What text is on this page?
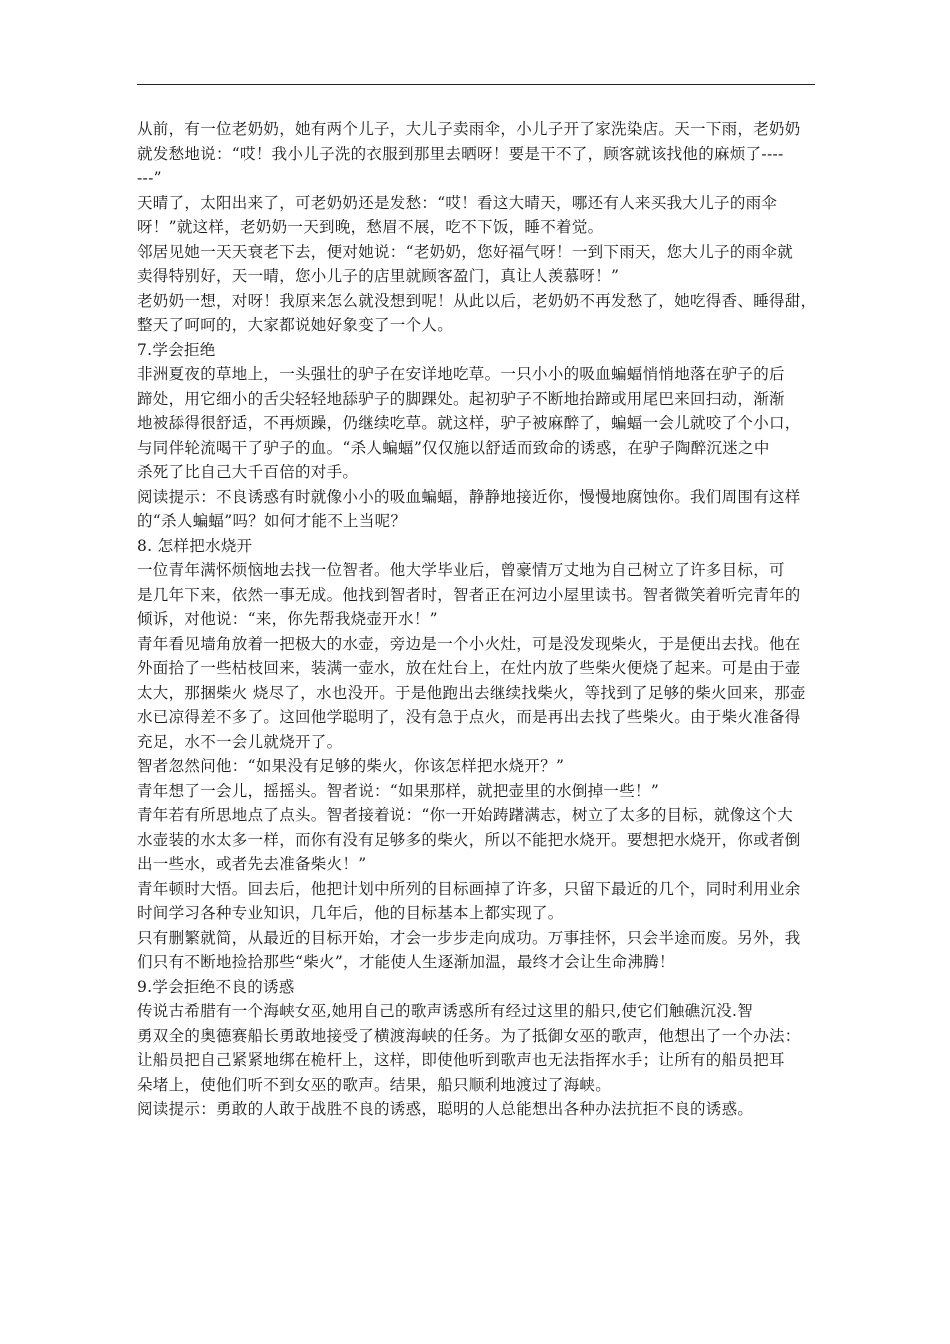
从前，有一位老奶奶，她有两个儿子，大儿子卖雨伞，小儿子开了家洗染店。天一下雨，老奶奶
就发愁地说：“哎！我小儿子洗的衣服到那里去晒呀！要是干不了，顾客就该找他的麻烦了----
---”
天晴了，太阳出来了，可老奶奶还是发愁：“哎！看这大晴天，哪还有人来买我大儿子的雨伞
呀！”就这样，老奶奶一天到晚，愁眉不展，吃不下饭，睡不着觉。
邻居见她一天天衰老下去，便对她说：“老奶奶，您好福气呀！一到下雨天，您大儿子的雨伞就
卖得特别好，天一晴，您小儿子的店里就顾客盈门，真让人羡慕呀！”
老奶奶一想，对呀！我原来怎么就没想到呢！从此以后，老奶奶不再发愁了，她吃得香、睡得甜，
整天了呵呵的，大家都说她好象变了一个人。
7.学会拒绝
非洲夏夜的草地上，一头强壮的驴子在安详地吃草。一只小小的吸血蝙蝠悄悄地落在驴子的后
蹄处，用它细小的舌尖轻轻地舔驴子的脚踝处。起初驴子不断地抬蹄或用尾巴来回扫动，渐渐
地被舔得很舒适，不再烦躁，仍继续吃草。就这样，驴子被麻醉了，蝙蝠一会儿就咬了个小口，
与同伴轮流喝干了驴子的血。“杀人蝙蝠”仅仅施以舒适而致命的诱惑，在驴子陶醉沉迷之中
杀死了比自己大千百倍的对手。
阅读提示：不良诱惑有时就像小小的吸血蝙蝠，静静地接近你，慢慢地腐蚀你。我们周围有这样
的“杀人蝙蝠”吗？如何才能不上当呢？
8. 怎样把水烧开
一位青年满怀烦恼地去找一位智者。他大学毕业后，曾豪情万丈地为自己树立了许多目标，可
是几年下来，依然一事无成。他找到智者时，智者正在河边小屋里读书。智者微笑着听完青年的
倾诉，对他说：“来，你先帮我烧壶开水！”
青年看见墙角放着一把极大的水壶，旁边是一个小火灶，可是没发现柴火，于是便出去找。他在
外面拾了一些枯枝回来，装满一壶水，放在灶台上，在灶内放了些柴火便烧了起来。可是由于壶
太大，那捆柴火 烧尽了，水也没开。于是他跑出去继续找柴火，等找到了足够的柴火回来，那壶
水已凉得差不多了。这回他学聪明了，没有急于点火，而是再出去找了些柴火。由于柴火准备得
充足，水不一会儿就烧开了。
智者忽然问他：“如果没有足够的柴火，你该怎样把水烧开？”
青年想了一会儿，摇摇头。智者说：“如果那样，就把壶里的水倒掉一些！”
青年若有所思地点了点头。智者接着说：“你一开始踌躇满志，树立了太多的目标，就像这个大
水壶装的水太多一样，而你有没有足够多的柴火，所以不能把水烧开。要想把水烧开，你或者倒
出一些水，或者先去准备柴火！”
青年顿时大悟。回去后，他把计划中所列的目标画掉了许多，只留下最近的几个，同时利用业余
时间学习各种专业知识，几年后，他的目标基本上都实现了。
只有删繁就简，从最近的目标开始，才会一步步走向成功。万事挂怀，只会半途而废。另外，我
们只有不断地捡拾那些“柴火”，才能使人生逐渐加温，最终才会让生命沸腾！
9.学会拒绝不良的诱惑
传说古希腊有一个海峡女巫,她用自己的歌声诱惑所有经过这里的船只,使它们触礁沉没.智
勇双全的奥德赛船长勇敢地接受了横渡海峡的任务。为了抵御女巫的歌声，他想出了一个办法：
让船员把自己紧紧地绑在桅杆上，这样，即使他听到歌声也无法指挥水手；让所有的船员把耳
朵堵上，使他们听不到女巫的歌声。结果，船只顺利地渡过了海峡。
阅读提示：勇敢的人敢于战胜不良的诱惑，聪明的人总能想出各种办法抗拒不良的诱惑。
